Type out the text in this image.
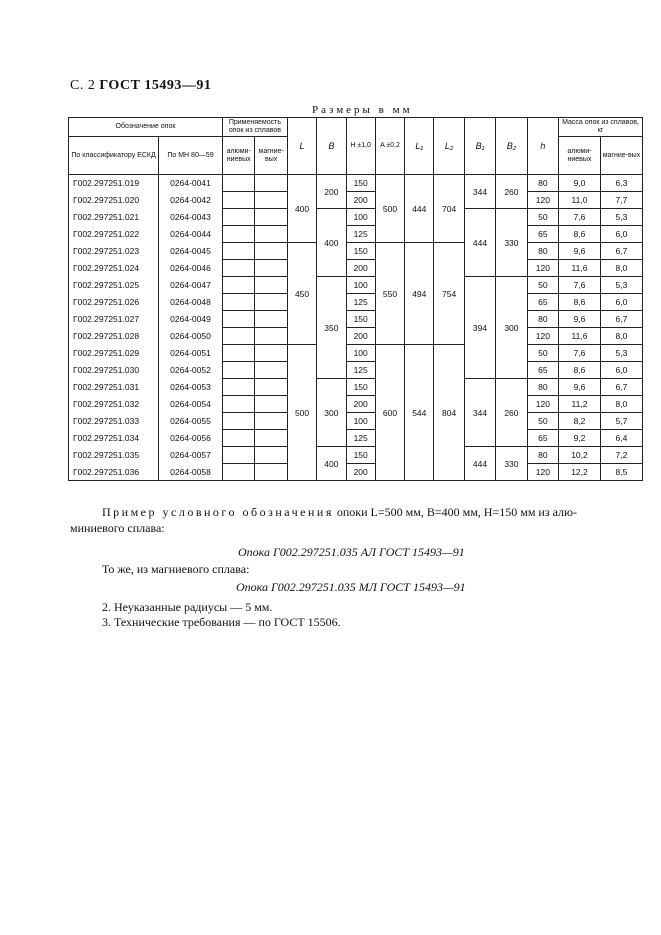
С. 2 ГОСТ 15493—91
Размеры в мм
Обозначение опок		Применяемость опок из сплавов		L	B	H ±1,0	A ±0,2	L₁	L₂	B₁	B₂	h	Масса опок из сплавов, кг	
По классификатору ЕСКД	По МН 80—59	алюми-ниевых	магние-вых										алюми-ниевых	магние-вых
Г002.297251.019	0264-0041			400	200	150	500	444	704	344	260	80	9,0	6,3
Г002.297251.020	0264-0042					200						120	11,0	7,7
Г002.297251.021	0264-0043				400	100				444	330	50	7,6	5,3
Г002.297251.022	0264-0044					125						65	8,6	6,0
Г002.297251.023	0264-0045			450		150	550	494	754			80	9,6	6,7
Г002.297251.024	0264-0046					200						120	11,6	8,0
Г002.297251.025	0264-0047				350	100				394	300	50	7,6	5,3
Г002.297251.026	0264-0048					125						65	8,6	6,0
Г002.297251.027	0264-0049					150						80	9,6	6,7
Г002.297251.028	0264-0050					200						120	11,6	8,0
Г002.297251.029	0264-0051			500		100	600	544	804			50	7,6	5,3
Г002.297251.030	0264-0052					125						65	8,6	6,0
Г002.297251.031	0264-0053				300	150				344	260	80	9,6	6,7
Г002.297251.032	0264-0054					200						120	11,2	8,0
Г002.297251.033	0264-0055					100						50	8,2	5,7
Г002.297251.034	0264-0056					125						65	9,2	6,4
Г002.297251.035	0264-0057				400	150				444	330	80	10,2	7,2
Г002.297251.036	0264-0058					200						120	12,2	8,5
Пример условного обозначения опоки L=500 мм, B=400 мм, H=150 мм из алю-
миниевого сплава:
Опока Г002.297251.035 АЛ ГОСТ 15493—91
То же, из магниевого сплава:
Опока Г002.297251.035 МЛ ГОСТ 15493—91
2. Неуказанные радиусы — 5 мм.
3. Технические требования — по ГОСТ 15506.
